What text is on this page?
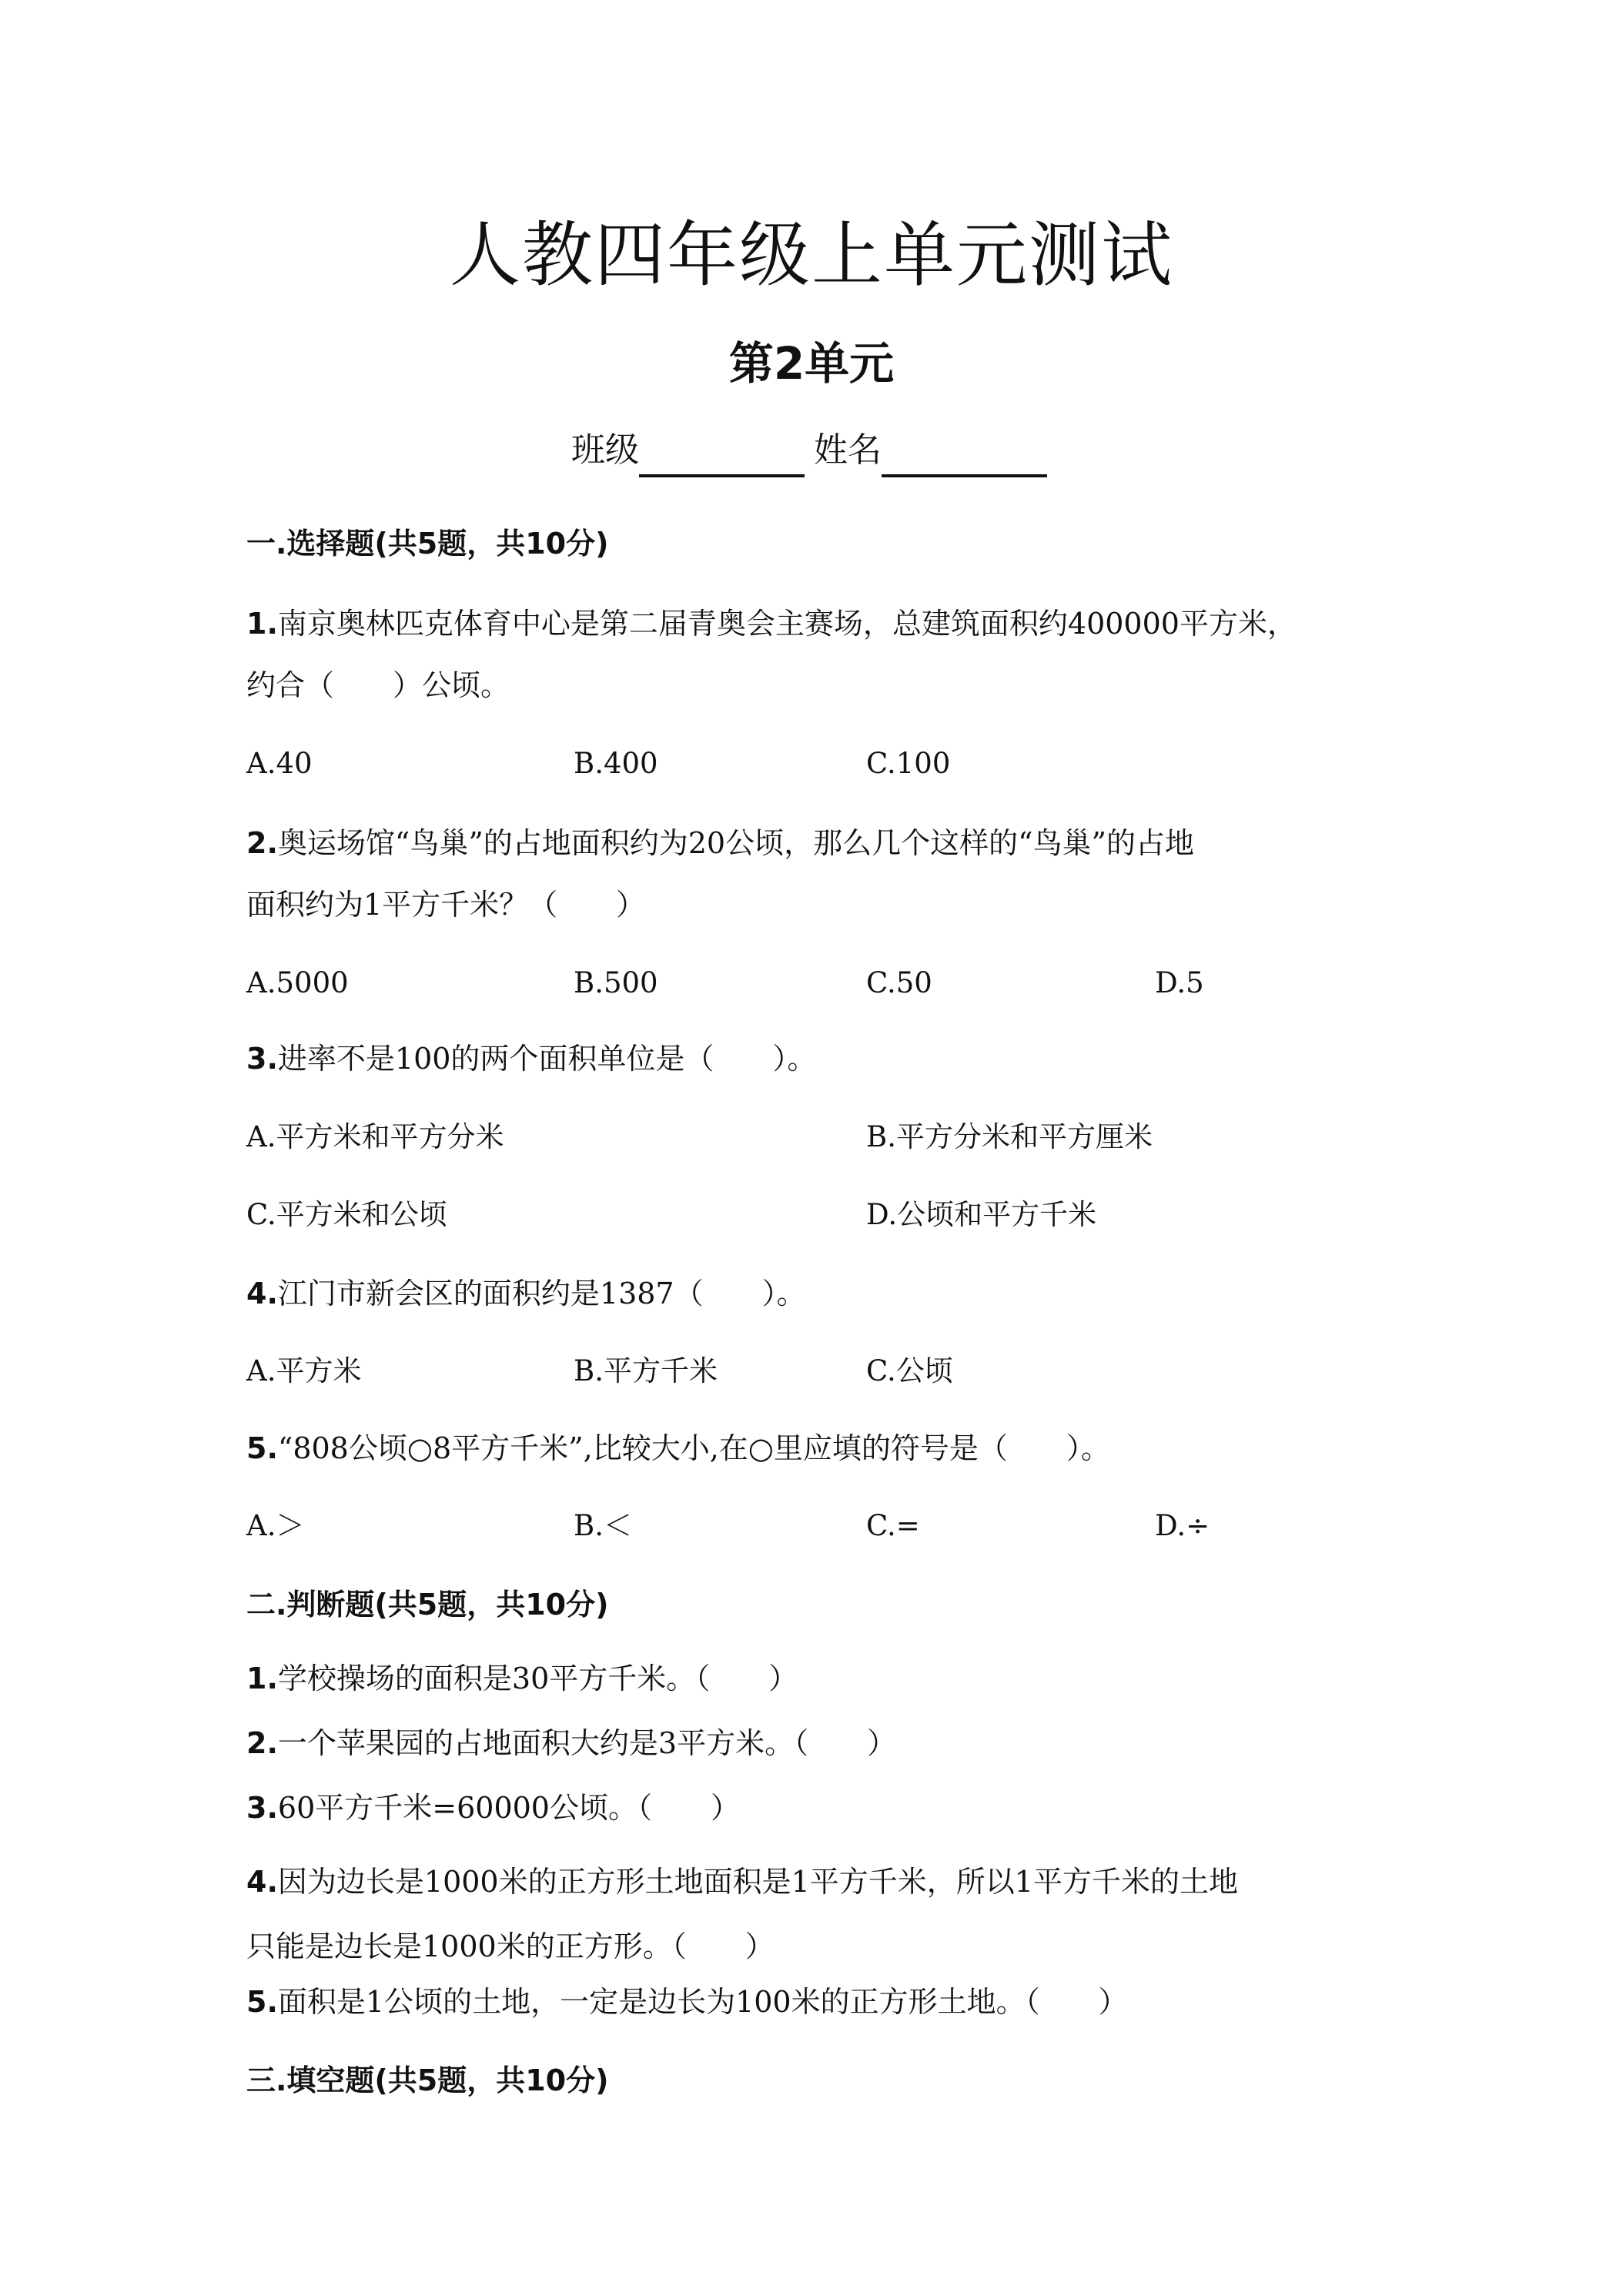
人教四年级上单元测试
第2单元
班级	姓名
一.选择题(共5题，共10分)
1.南京奥林匹克体育中心是第二届青奥会主赛场，总建筑面积约400000平方米，
约合（　　）公顷。
A.40	B.400	C.100
2.奥运场馆“鸟巢”的占地面积约为20公顷，那么几个这样的“鸟巢”的占地
面积约为1平方千米？（　　）
A.5000	B.500	C.50	D.5
3.进率不是100的两个面积单位是（　　）。
A.平方米和平方分米	B.平方分米和平方厘米
C.平方米和公顷	D.公顷和平方千米
4.江门市新会区的面积约是1387（　　）。
A.平方米	B.平方千米	C.公顷
5.“808公顷○8平方千米”,比较大小,在○里应填的符号是（　　）。
A.＞	B.＜	C.=	D.÷
二.判断题(共5题，共10分)
1.学校操场的面积是30平方千米。（　　）
2.一个苹果园的占地面积大约是3平方米。（　　）
3.60平方千米=60000公顷。（　　）
4.因为边长是1000米的正方形土地面积是1平方千米，所以1平方千米的土地
只能是边长是1000米的正方形。（　　）
5.面积是1公顷的土地，一定是边长为100米的正方形土地。（　　）
三.填空题(共5题，共10分)
